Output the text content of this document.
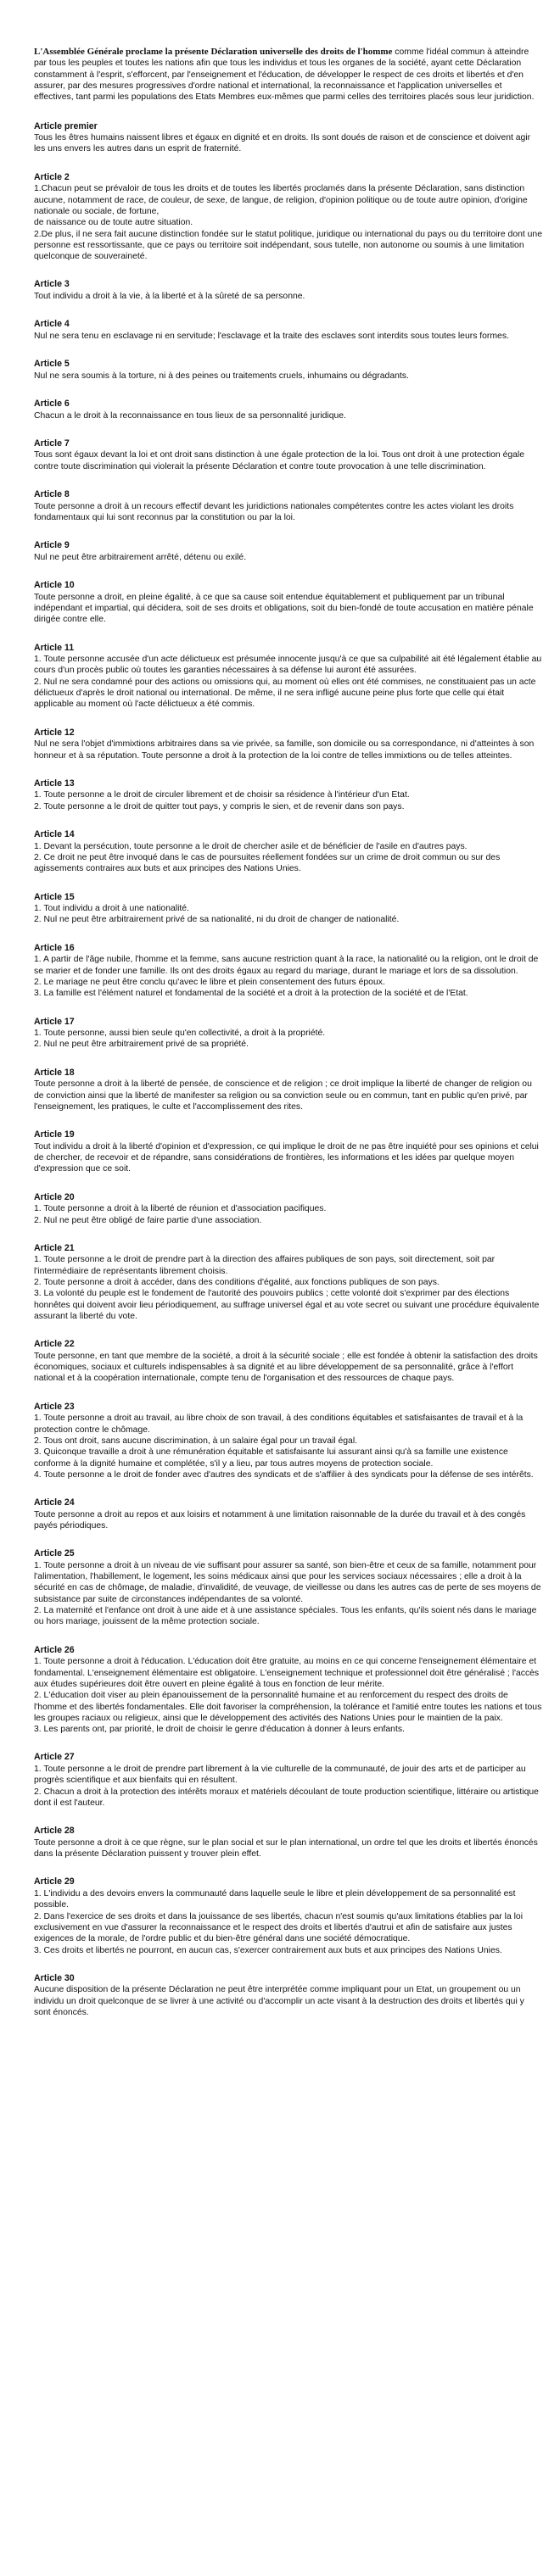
L'Assemblée Générale proclame la présente Déclaration universelle des droits de l'homme comme l'idéal commun à atteindre par tous les peuples et toutes les nations afin que tous les individus et tous les organes de la société, ayant cette Déclaration constamment à l'esprit, s'efforcent, par l'enseignement et l'éducation, de développer le respect de ces droits et libertés et d'en assurer, par des mesures progressives d'ordre national et international, la reconnaissance et l'application universelles et effectives, tant parmi les populations des Etats Membres eux-mêmes que parmi celles des territoires placés sous leur juridiction.

Article premier

Tous les êtres humains naissent libres et égaux en dignité et en droits. Ils sont doués de raison et de conscience et doivent agir les uns envers les autres dans un esprit de fraternité.

Article 2

1.Chacun peut se prévaloir de tous les droits et de toutes les libertés proclamés dans la présente Déclaration, sans distinction aucune, notamment de race, de couleur, de sexe, de langue, de religion, d'opinion politique ou de toute autre opinion, d'origine nationale ou sociale, de fortune,
de naissance ou de toute autre situation.
2.De plus, il ne sera fait aucune distinction fondée sur le statut politique, juridique ou international du pays ou du territoire dont une personne est ressortissante, que ce pays ou territoire soit indépendant, sous tutelle, non autonome ou soumis à une limitation quelconque de souveraineté.

Article 3

Tout individu a droit à la vie, à la liberté et à la sûreté de sa personne.

Article 4

Nul ne sera tenu en esclavage ni en servitude; l'esclavage et la traite des esclaves sont interdits sous toutes leurs formes.

Article 5

Nul ne sera soumis à la torture, ni à des peines ou traitements cruels, inhumains ou dégradants.

Article 6

Chacun a le droit à la reconnaissance en tous lieux de sa personnalité juridique.

Article 7

Tous sont égaux devant la loi et ont droit sans distinction à une égale protection de la loi. Tous ont droit à une protection égale contre toute discrimination qui violerait la présente Déclaration et contre toute provocation à une telle discrimination.

Article 8

Toute personne a droit à un recours effectif devant les juridictions nationales compétentes contre les actes violant les droits fondamentaux qui lui sont reconnus par la constitution ou par la loi.

Article 9

Nul ne peut être arbitrairement arrêté, détenu ou exilé.

Article 10

Toute personne a droit, en pleine égalité, à ce que sa cause soit entendue équitablement et publiquement par un tribunal indépendant et impartial, qui décidera, soit de ses droits et obligations, soit du bien-fondé de toute accusation en matière pénale dirigée contre elle.

Article 11

1. Toute personne accusée d'un acte délictueux est présumée innocente jusqu'à ce que sa culpabilité ait été légalement établie au cours d'un procès public où toutes les garanties nécessaires à sa défense lui auront été assurées.
2. Nul ne sera condamné pour des actions ou omissions qui, au moment où elles ont été commises, ne constituaient pas un acte délictueux d'après le droit national ou international. De même, il ne sera infligé aucune peine plus forte que celle qui était applicable au moment où l'acte délictueux a été commis.

Article 12

Nul ne sera l'objet d'immixtions arbitraires dans sa vie privée, sa famille, son domicile ou sa correspondance, ni d'atteintes à son honneur et à sa réputation. Toute personne a droit à la protection de la loi contre de telles immixtions ou de telles atteintes.

Article 13

1. Toute personne a le droit de circuler librement et de choisir sa résidence à l'intérieur d'un Etat.
2. Toute personne a le droit de quitter tout pays, y compris le sien, et de revenir dans son pays.

Article 14

1. Devant la persécution, toute personne a le droit de chercher asile et de bénéficier de l'asile en d'autres pays.
2. Ce droit ne peut être invoqué dans le cas de poursuites réellement fondées sur un crime de droit commun ou sur des agissements contraires aux buts et aux principes des Nations Unies.

Article 15

1. Tout individu a droit à une nationalité.
2. Nul ne peut être arbitrairement privé de sa nationalité, ni du droit de changer de nationalité.

Article 16

1. A partir de l'âge nubile, l'homme et la femme, sans aucune restriction quant à la race, la nationalité ou la religion, ont le droit de se marier et de fonder une famille. Ils ont des droits égaux au regard du mariage, durant le mariage et lors de sa dissolution.
2. Le mariage ne peut être conclu qu'avec le libre et plein consentement des futurs époux.
3. La famille est l'élément naturel et fondamental de la société et a droit à la protection de la société et de l'Etat.

Article 17

1. Toute personne, aussi bien seule qu'en collectivité, a droit à la propriété.
2. Nul ne peut être arbitrairement privé de sa propriété.

Article 18

Toute personne a droit à la liberté de pensée, de conscience et de religion ; ce droit implique la liberté de changer de religion ou de conviction ainsi que la liberté de manifester sa religion ou sa conviction seule ou en commun, tant en public qu'en privé, par l'enseignement, les pratiques, le culte et l'accomplissement des rites.

Article 19

Tout individu a droit à la liberté d'opinion et d'expression, ce qui implique le droit de ne pas être inquiété pour ses opinions et celui de chercher, de recevoir et de répandre, sans considérations de frontières, les informations et les idées par quelque moyen d'expression que ce soit.

Article 20

1. Toute personne a droit à la liberté de réunion et d'association pacifiques.
2. Nul ne peut être obligé de faire partie d'une association.

Article 21

1. Toute personne a le droit de prendre part à la direction des affaires publiques de son pays, soit directement, soit par l'intermédiaire de représentants librement choisis.
2. Toute personne a droit à accéder, dans des conditions d'égalité, aux fonctions publiques de son pays.
3. La volonté du peuple est le fondement de l'autorité des pouvoirs publics ; cette volonté doit s'exprimer par des élections honnêtes qui doivent avoir lieu périodiquement, au suffrage universel égal et au vote secret ou suivant une procédure équivalente assurant la liberté du vote.

Article 22

Toute personne, en tant que membre de la société, a droit à la sécurité sociale ; elle est fondée à obtenir la satisfaction des droits économiques, sociaux et culturels indispensables à sa dignité et au libre développement de sa personnalité, grâce à l'effort national et à la coopération internationale, compte tenu de l'organisation et des ressources de chaque pays.

Article 23

1. Toute personne a droit au travail, au libre choix de son travail, à des conditions équitables et satisfaisantes de travail et à la protection contre le chômage.
2. Tous ont droit, sans aucune discrimination, à un salaire égal pour un travail égal.
3. Quiconque travaille a droit à une rémunération équitable et satisfaisante lui assurant ainsi qu'à sa famille une existence conforme à la dignité humaine et complétée, s'il y a lieu, par tous autres moyens de protection sociale.
4. Toute personne a le droit de fonder avec d'autres des syndicats et de s'affilier à des syndicats pour la défense de ses intérêts.

Article 24

Toute personne a droit au repos et aux loisirs et notamment à une limitation raisonnable de la durée du travail et à des congés payés périodiques.

Article 25

1. Toute personne a droit à un niveau de vie suffisant pour assurer sa santé, son bien-être et ceux de sa famille, notamment pour l'alimentation, l'habillement, le logement, les soins médicaux ainsi que pour les services sociaux nécessaires ; elle a droit à la sécurité en cas de chômage, de maladie, d'invalidité, de veuvage, de vieillesse ou dans les autres cas de perte de ses moyens de subsistance par suite de circonstances indépendantes de sa volonté.
2. La maternité et l'enfance ont droit à une aide et à une assistance spéciales. Tous les enfants, qu'ils soient nés dans le mariage ou hors mariage, jouissent de la même protection sociale.

Article 26

1. Toute personne a droit à l'éducation. L'éducation doit être gratuite, au moins en ce qui concerne l'enseignement élémentaire et fondamental. L'enseignement élémentaire est obligatoire. L'enseignement technique et professionnel doit être généralisé ; l'accès aux études supérieures doit être ouvert en pleine égalité à tous en fonction de leur mérite.
2. L'éducation doit viser au plein épanouissement de la personnalité humaine et au renforcement du respect des droits de l'homme et des libertés fondamentales. Elle doit favoriser la compréhension, la tolérance et l'amitié entre toutes les nations et tous les groupes raciaux ou religieux, ainsi que le développement des activités des Nations Unies pour le maintien de la paix.
3. Les parents ont, par priorité, le droit de choisir le genre d'éducation à donner à leurs enfants.

Article 27

1. Toute personne a le droit de prendre part librement à la vie culturelle de la communauté, de jouir des arts et de participer au progrès scientifique et aux bienfaits qui en résultent.
2. Chacun a droit à la protection des intérêts moraux et matériels découlant de toute production scientifique, littéraire ou artistique dont il est l'auteur.

Article 28

Toute personne a droit à ce que règne, sur le plan social et sur le plan international, un ordre tel que les droits et libertés énoncés dans la présente Déclaration puissent y trouver plein effet.

Article 29

1. L'individu a des devoirs envers la communauté dans laquelle seule le libre et plein développement de sa personnalité est possible.
2. Dans l'exercice de ses droits et dans la jouissance de ses libertés, chacun n'est soumis qu'aux limitations établies par la loi exclusivement en vue d'assurer la reconnaissance et le respect des droits et libertés d'autrui et afin de satisfaire aux justes exigences de la morale, de l'ordre public et du bien-être général dans une société démocratique.
3. Ces droits et libertés ne pourront, en aucun cas, s'exercer contrairement aux buts et aux principes des Nations Unies.

Article 30

Aucune disposition de la présente Déclaration ne peut être interprétée comme impliquant pour un Etat, un groupement ou un individu un droit quelconque de se livrer à une activité ou d'accomplir un acte visant à la destruction des droits et libertés qui y sont énoncés.
